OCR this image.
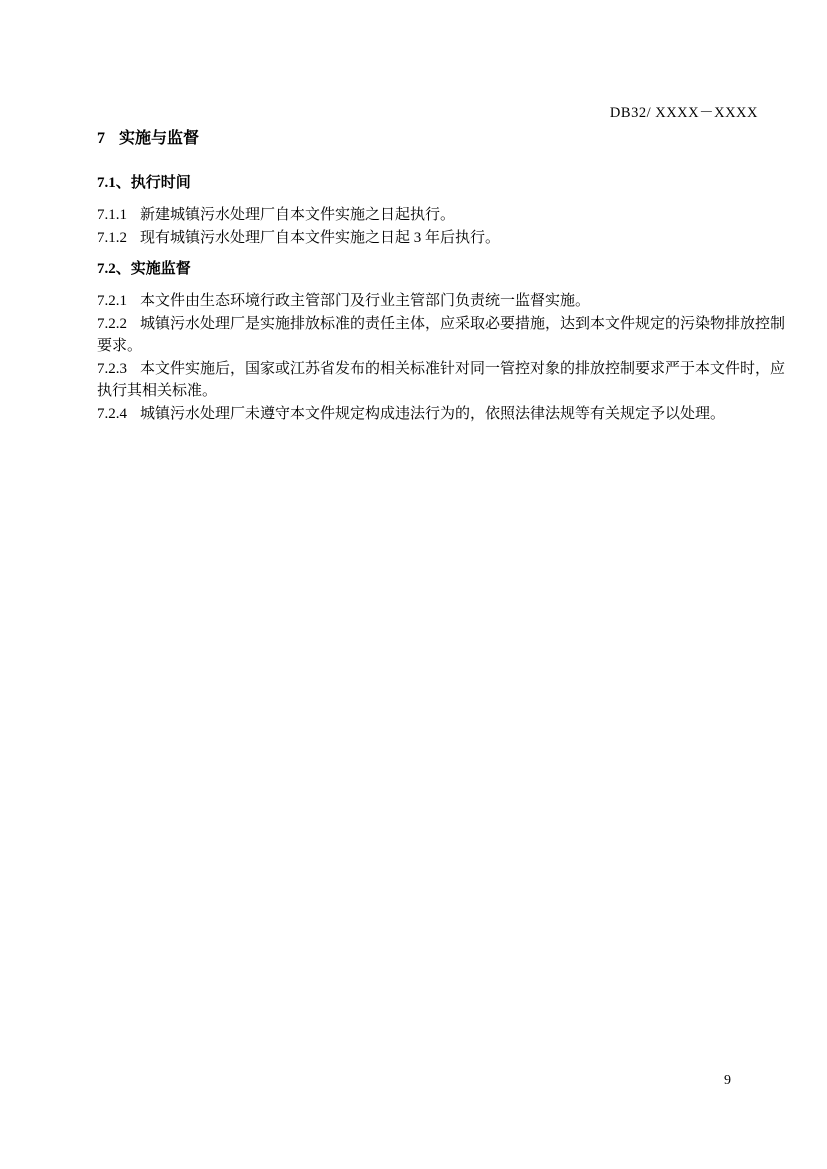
DB32/ XXXX－XXXX
7 实施与监督
7.1、执行时间

7.1.1 新建城镇污水处理厂自本文件实施之日起执行。

7.1.2 现有城镇污水处理厂自本文件实施之日起 3 年后执行。

7.2、实施监督

7.2.1 本文件由生态环境行政主管部门及行业主管部门负责统一监督实施。

7.2.2 城镇污水处理厂是实施排放标准的责任主体，应采取必要措施，达到本文件规定的污染物排放控制要求。

7.2.3 本文件实施后，国家或江苏省发布的相关标准针对同一管控对象的排放控制要求严于本文件时，应执行其相关标准。

7.2.4 城镇污水处理厂未遵守本文件规定构成违法行为的，依照法律法规等有关规定予以处理。

9
